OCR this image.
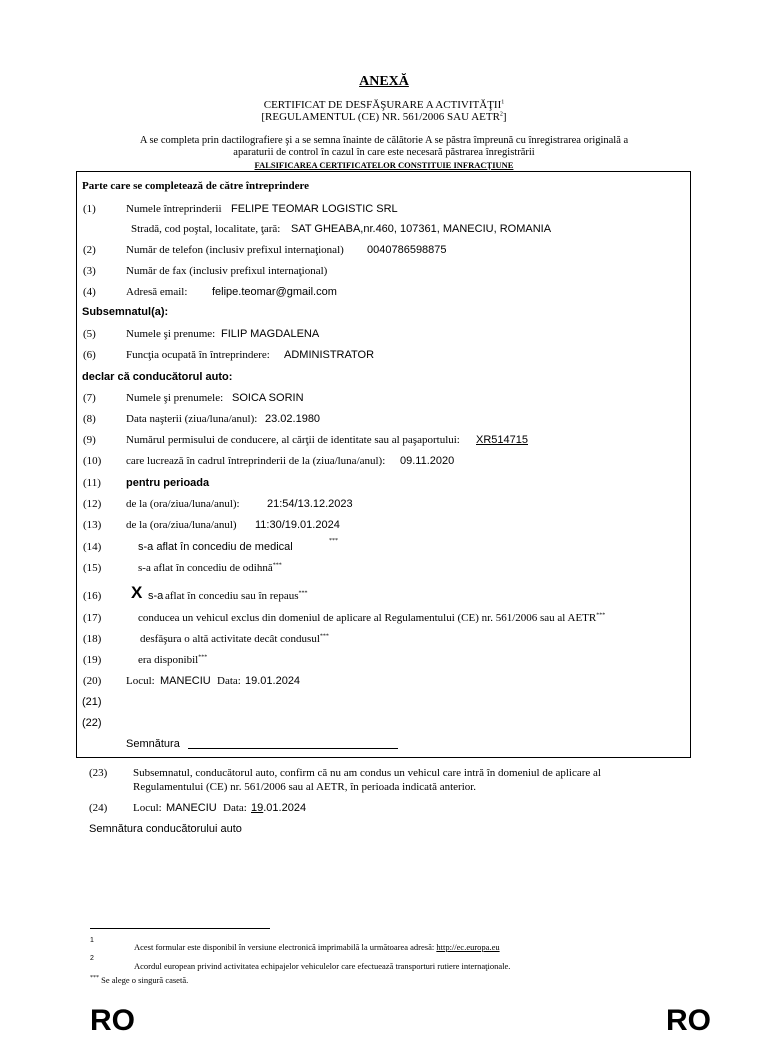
ANEXĂ
CERTIFICAT DE DESFĂŞURARE A ACTIVITĂŢII$^1$
[REGULAMENTUL (CE) NR. 561/2006 SAU AETR$^2$]
A se completa prin dactilografiere şi a se semna înainte de călătorie A se păstra împreună cu înregistrarea originală a
aparaturii de control în cazul în care este necesară păstrarea înregistrării
FALSIFICAREA CERTIFICATELOR CONSTITUIE INFRACŢIUNE
Parte care se completează de către întreprindere
(1)	Numele întreprinderii FELIPE TEOMAR LOGISTIC SRL
Stradă, cod poştal, localitate, ţară: SAT GHEABA,nr.460, 107361, MANECIU, ROMANIA
(2)	Număr de telefon (inclusiv prefixul internaţional) 0040786598875
(3)	Număr de fax (inclusiv prefixul internaţional)
(4)	Adresă email: felipe.teomar@gmail.com
Subsemnatul(a):
(5)	Numele şi prenume: FILIP MAGDALENA
(6)	Funcţia ocupată în întreprindere: ADMINISTRATOR
declar că conducătorul auto:
(7)	Numele şi prenumele: SOICA SORIN
(8)	Data naşterii (ziua/luna/anul): 23.02.1980
(9)	Numărul permisului de conducere, al cărţii de identitate sau al paşaportului: XR514715
(10) care lucrează în cadrul întreprinderii de la (ziua/luna/anul): 09.11.2020
(11) pentru perioada
(12) de la (ora/ziua/luna/anul): 21:54/13.12.2023
(13) de la (ora/ziua/luna/anul) 11:30/19.01.2024
(14)	s-a aflat în concediu de medical	***
(15)	s-a aflat în concediu de odihnă***
(16) X s-a aflat în concediu sau în repaus***
(17)	conducea un vehicul exclus din domeniul de aplicare al Regulamentului (CE) nr. 561/2006 sau al AETR***
(18)	desfăşura o altă activitate decât condusul***
(19)	era disponibil***
(20) Locul: MANECIU Data: 19.01.2024
(21)
(22)
Semnătura
(23) Subsemnatul, conducătorul auto, confirm că nu am condus un vehicul care intră în domeniul de aplicare al
Regulamentului (CE) nr. 561/2006 sau al AETR, în perioada indicată anterior.
(24) Locul: MANECIU Data: 19.01.2024
Semnătura conducătorului auto
1
Acest formular este disponibil în versiune electronică imprimabilă la următoarea adresă: http://ec.europa.eu
2
Acordul european privind activitatea echipajelor vehiculelor care efectuează transporturi rutiere internaţionale.
*** Se alege o singură casetă.
RO	RO
